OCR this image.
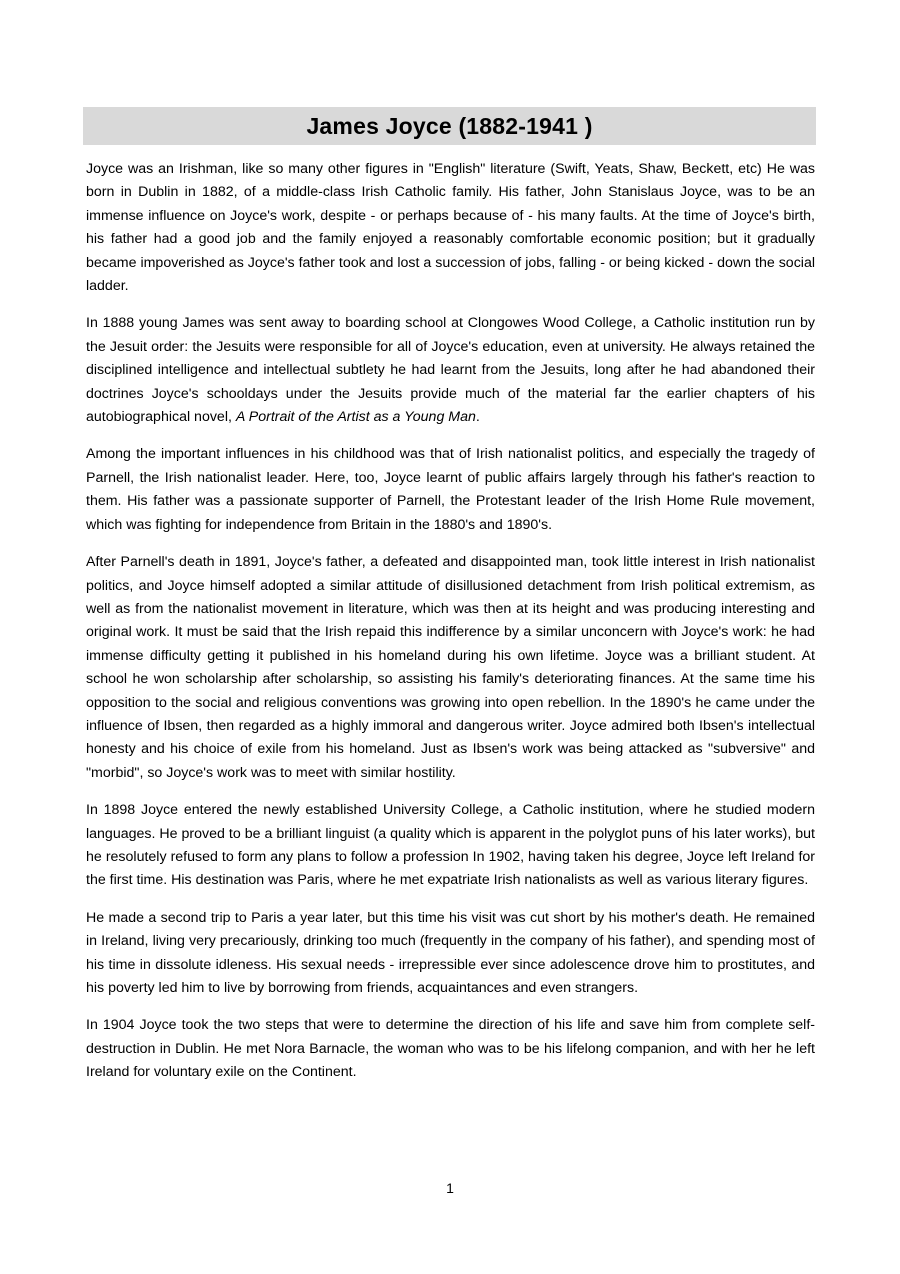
James Joyce (1882-1941 )

Joyce was an Irishman, like so many other figures in "English" literature (Swift, Yeats, Shaw, Beckett, etc) He was born in Dublin in 1882, of a middle-class Irish Catholic family. His father, John Stanislaus Joyce, was to be an immense influence on Joyce's work, despite - or perhaps because of - his many faults. At the time of Joyce's birth, his father had a good job and the family enjoyed a reasonably comfortable economic position; but it gradually became impoverished as Joyce's father took and lost a succession of jobs, falling - or being kicked - down the social ladder.

In 1888 young James was sent away to boarding school at Clongowes Wood College, a Catholic institution run by the Jesuit order: the Jesuits were responsible for all of Joyce's education, even at university. He always retained the disciplined intelligence and intellectual subtlety he had learnt from the Jesuits, long after he had abandoned their doctrines Joyce's schooldays under the Jesuits provide much of the material far the earlier chapters of his autobiographical novel, A Portrait of the Artist as a Young Man.

Among the important influences in his childhood was that of Irish nationalist politics, and especially the tragedy of Parnell, the Irish nationalist leader. Here, too, Joyce learnt of public affairs largely through his father's reaction to them. His father was a passionate supporter of Parnell, the Protestant leader of the Irish Home Rule movement, which was fighting for independence from Britain in the 1880's and 1890's.

After Parnell's death in 1891, Joyce's father, a defeated and disappointed man, took little interest in Irish nationalist politics, and Joyce himself adopted a similar attitude of disillusioned detachment from Irish political extremism, as well as from the nationalist movement in literature, which was then at its height and was producing interesting and original work. It must be said that the Irish repaid this indifference by a similar unconcern with Joyce's work: he had immense difficulty getting it published in his homeland during his own lifetime. Joyce was a brilliant student. At school he won scholarship after scholarship, so assisting his family's deteriorating finances. At the same time his opposition to the social and religious conventions was growing into open rebellion. In the 1890's he came under the influence of Ibsen, then regarded as a highly immoral and dangerous writer. Joyce admired both Ibsen's intellectual honesty and his choice of exile from his homeland. Just as Ibsen's work was being attacked as "subversive" and "morbid", so Joyce's work was to meet with similar hostility.

In 1898 Joyce entered the newly established University College, a Catholic institution, where he studied modern languages. He proved to be a brilliant linguist (a quality which is apparent in the polyglot puns of his later works), but he resolutely refused to form any plans to follow a profession In 1902, having taken his degree, Joyce left Ireland for the first time. His destination was Paris, where he met expatriate Irish nationalists as well as various literary figures.

He made a second trip to Paris a year later, but this time his visit was cut short by his mother's death. He remained in Ireland, living very precariously, drinking too much (frequently in the company of his father), and spending most of his time in dissolute idleness. His sexual needs - irrepressible ever since adolescence drove him to prostitutes, and his poverty led him to live by borrowing from friends, acquaintances and even strangers.

In 1904 Joyce took the two steps that were to determine the direction of his life and save him from complete self-destruction in Dublin. He met Nora Barnacle, the woman who was to be his lifelong companion, and with her he left Ireland for voluntary exile on the Continent.

1
